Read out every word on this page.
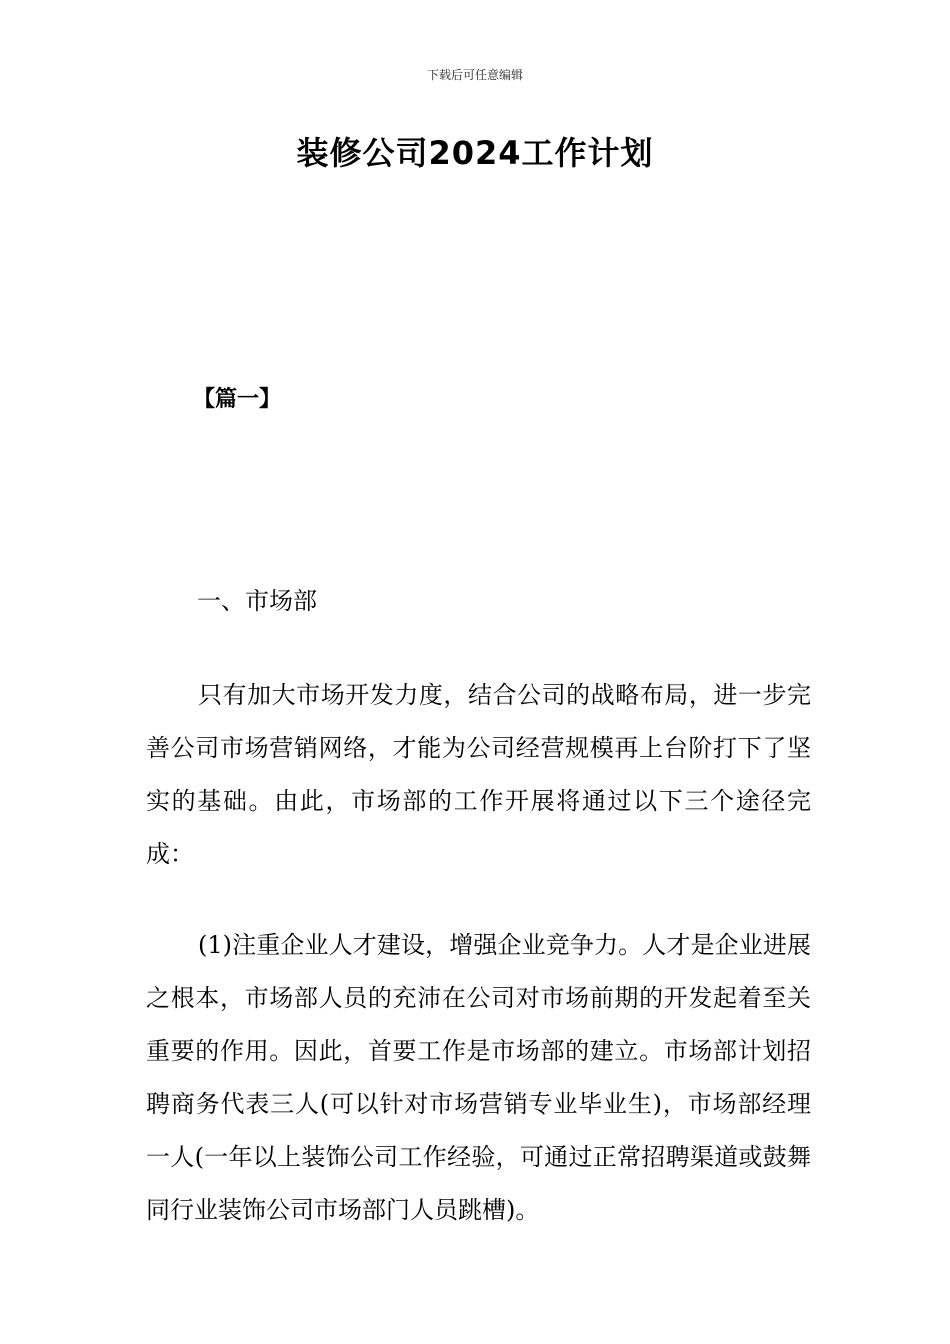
下载后可任意编辑
装修公司2024工作计划
【篇一】
一、市场部

只有加大市场开发力度，结合公司的战略布局，进一步完善公司市场营销网络，才能为公司经营规模再上台阶打下了坚实的基础。由此，市场部的工作开展将通过以下三个途径完成：

(1)注重企业人才建设，增强企业竞争力。人才是企业进展之根本，市场部人员的充沛在公司对市场前期的开发起着至关重要的作用。因此，首要工作是市场部的建立。市场部计划招聘商务代表三人(可以针对市场营销专业毕业生)，市场部经理一人(一年以上装饰公司工作经验，可通过正常招聘渠道或鼓舞同行业装饰公司市场部门人员跳槽)。
